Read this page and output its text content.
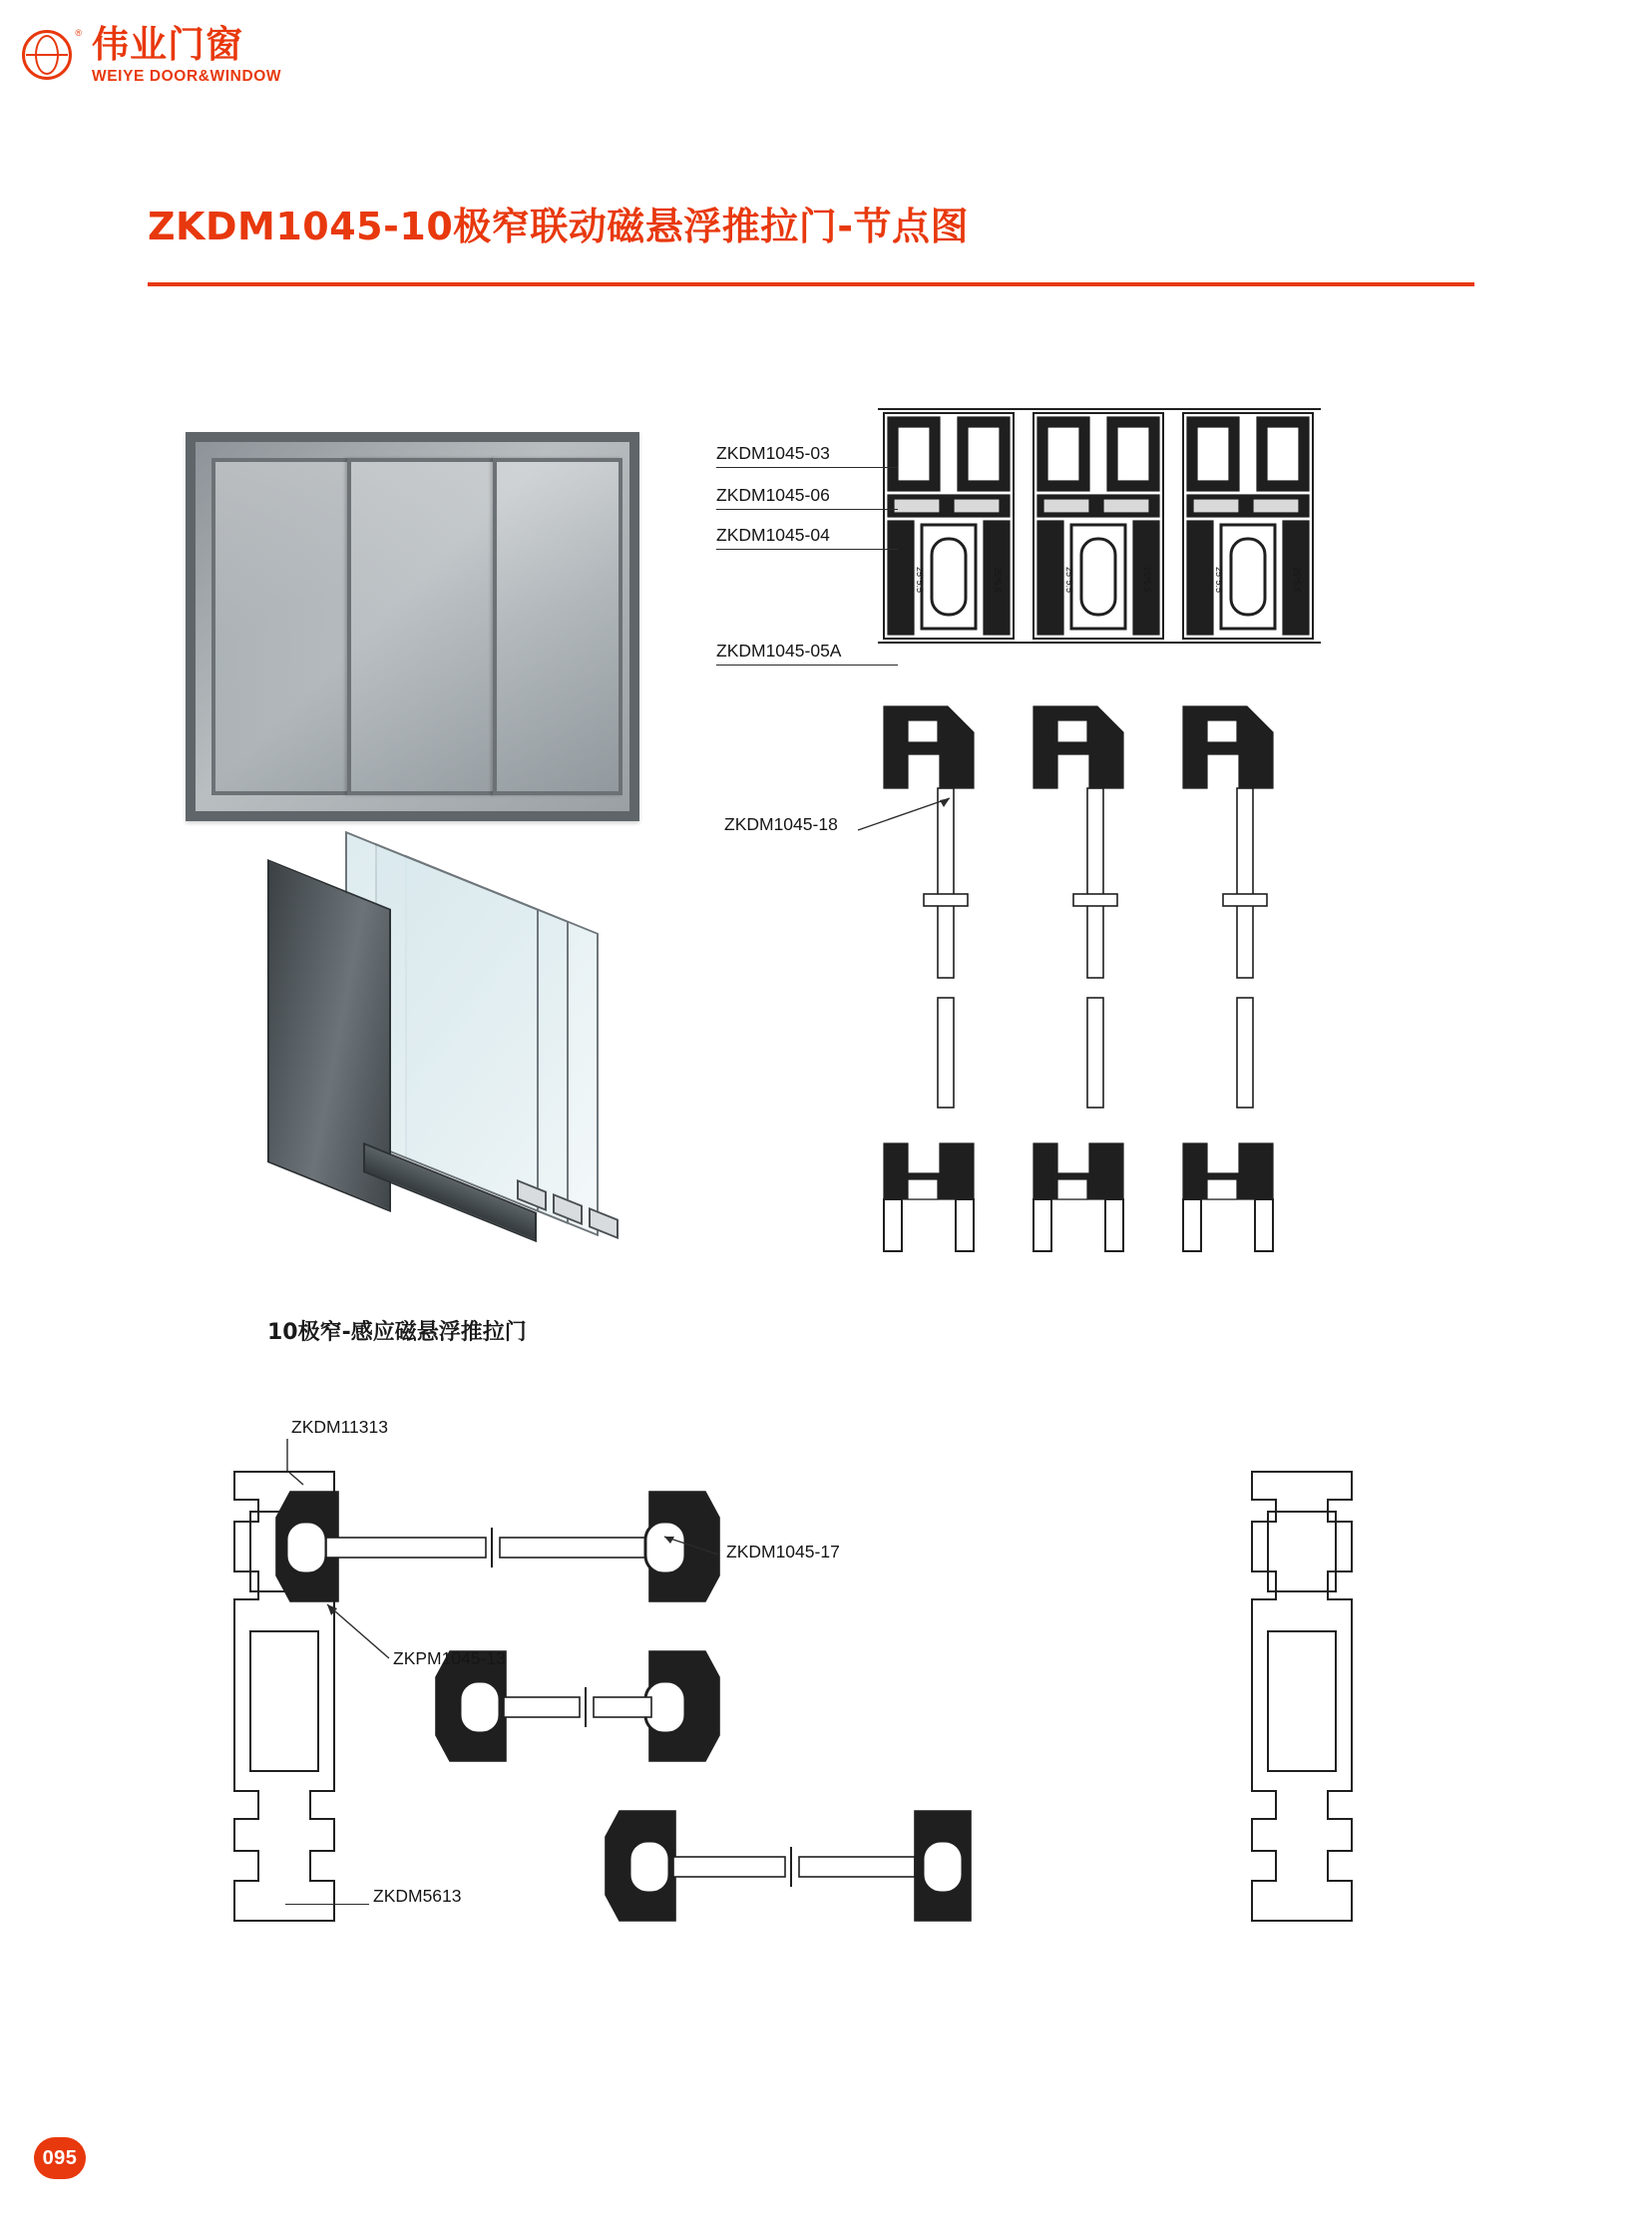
® 伟业门窗
WEIYE DOOR&WINDOW
ZKDM1045-10极窄联动磁悬浮推拉门-节点图
10极窄-感应磁悬浮推拉门
25*5.5	25*5.5	25*5.5	25*5.5	25*5.5	25*5.5
ZKDM1045-03
ZKDM1045-06
ZKDM1045-04
ZKDM1045-05A
ZKDM1045-18
ZKDM11313
ZKDM1045-17
ZKPM1045-13
ZKDM5613
095
